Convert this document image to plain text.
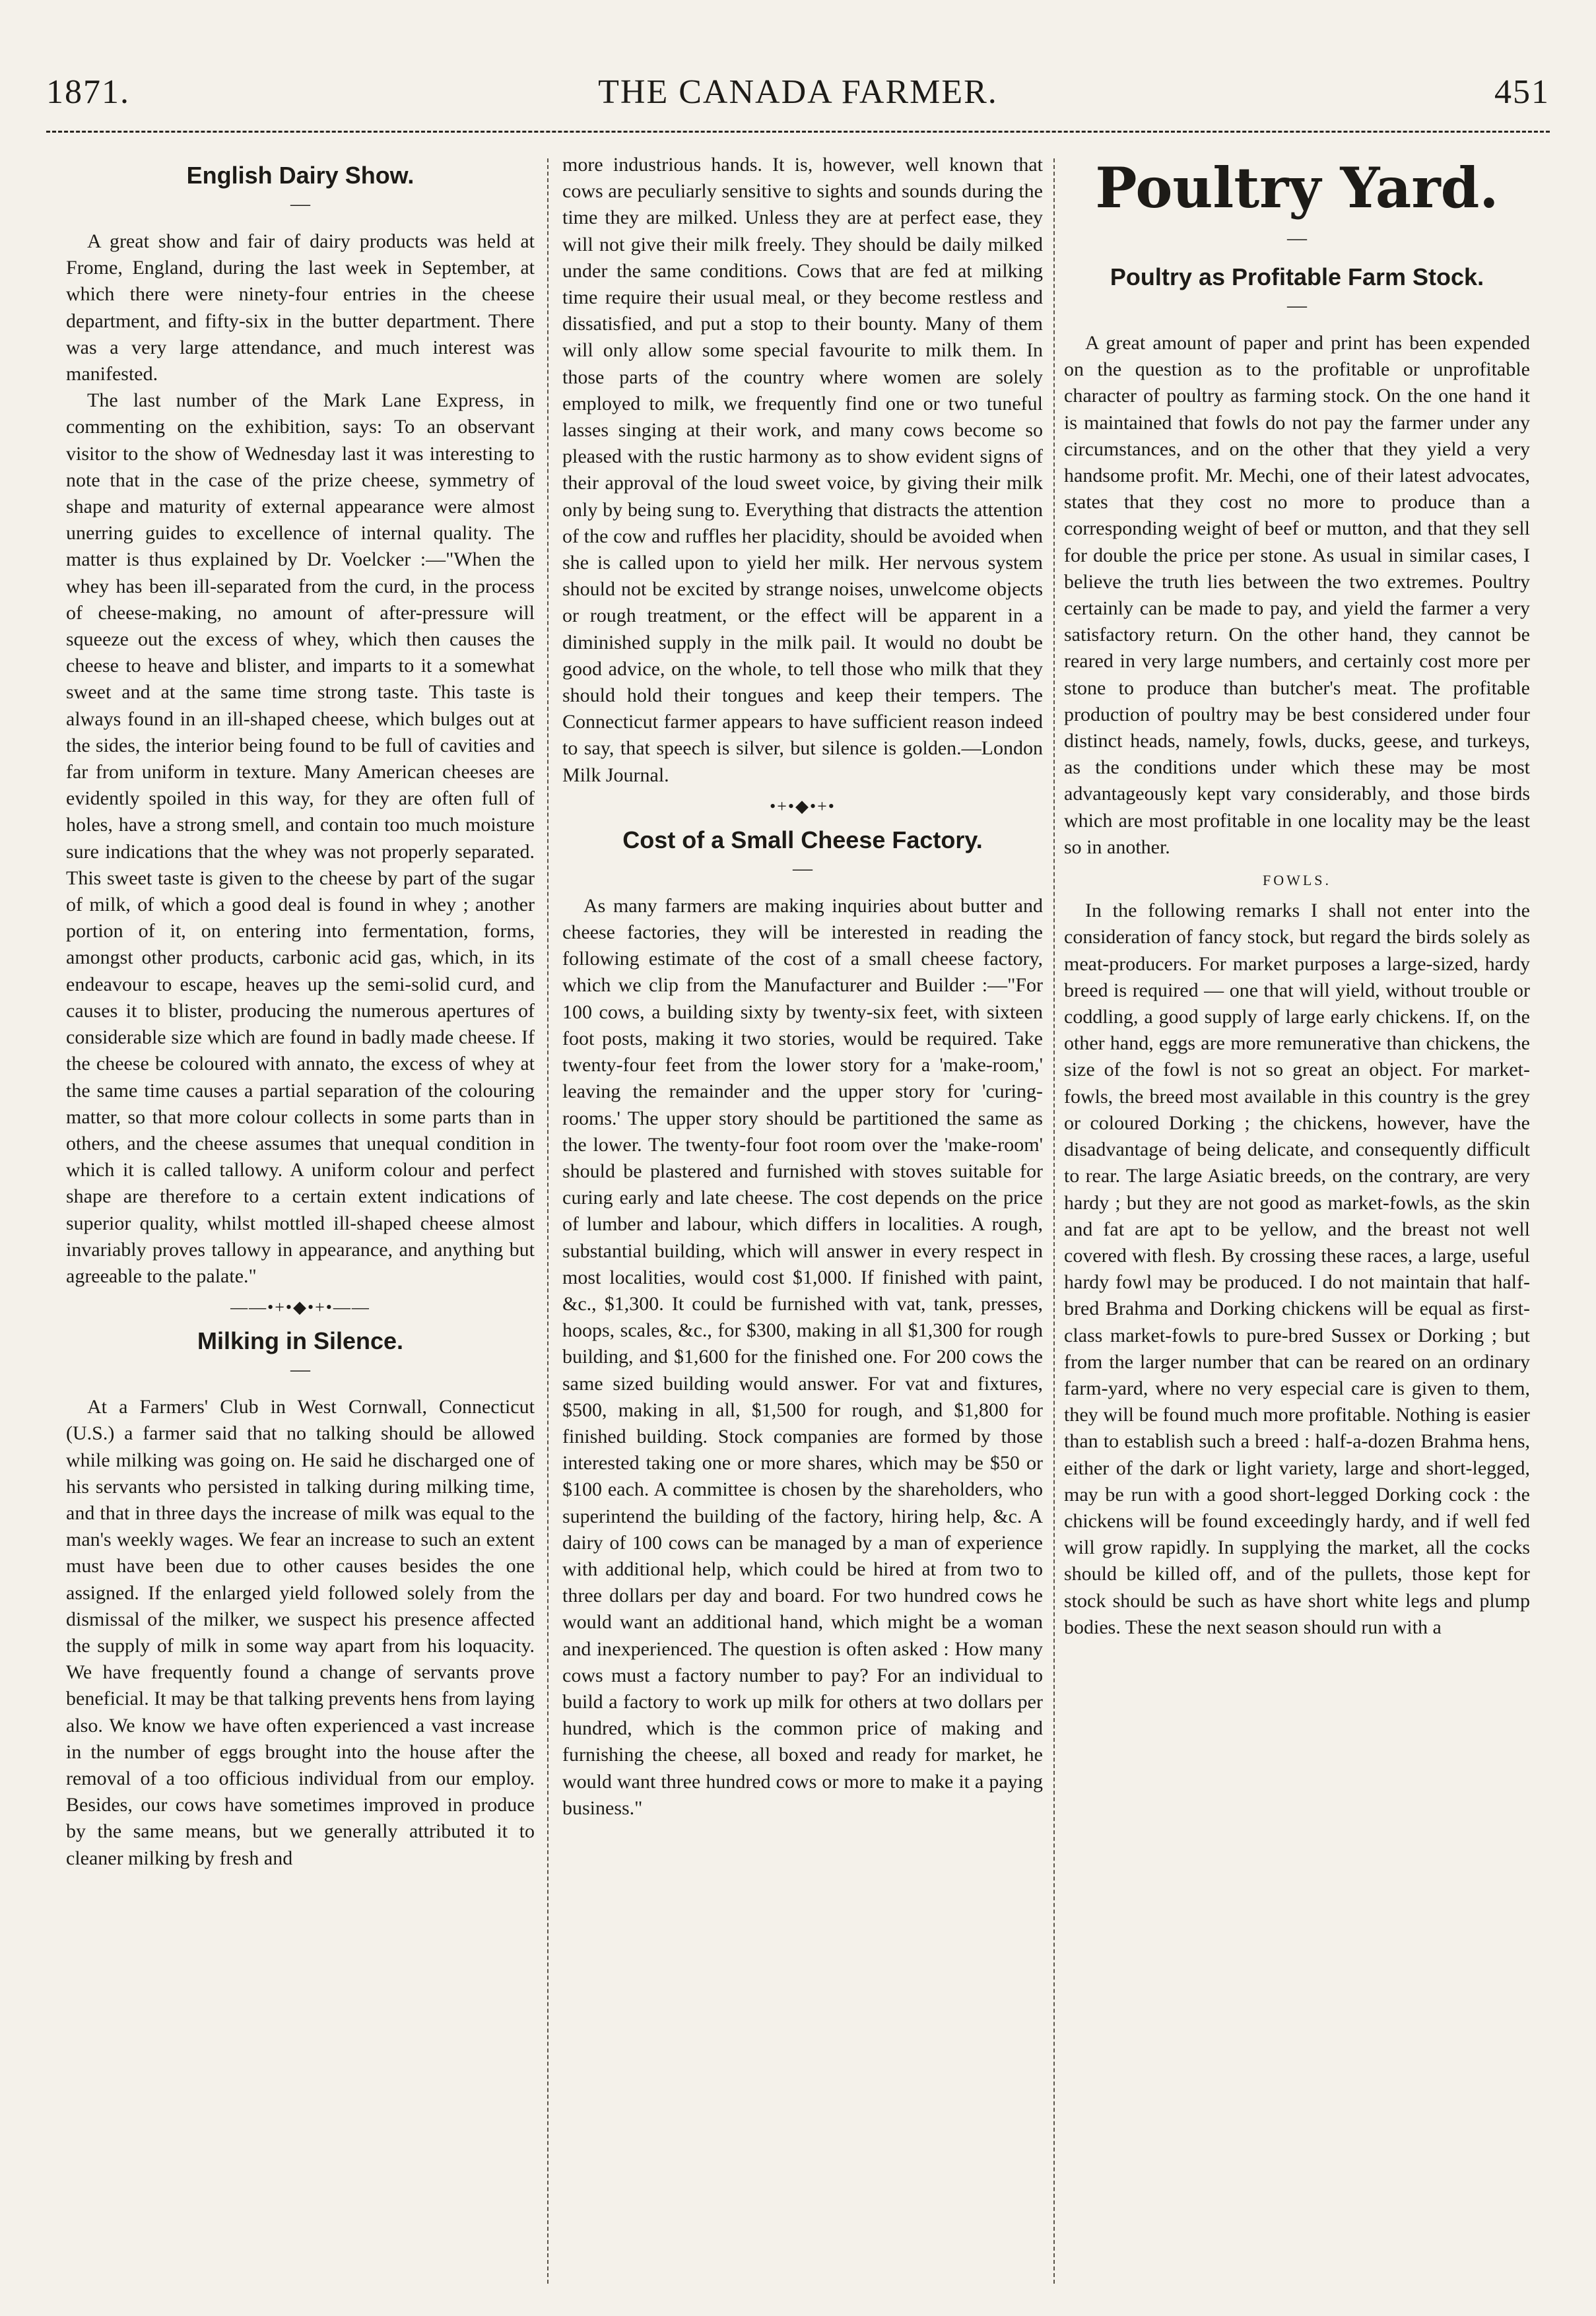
1871.	THE CANADA FARMER.	451
English Dairy Show.
—

A great show and fair of dairy products was held at Frome, England, during the last week in September, at which there were ninety-four entries in the cheese department, and fifty-six in the butter department. There was a very large attendance, and much interest was manifested.

The last number of the Mark Lane Express, in commenting on the exhibition, says: To an observant visitor to the show of Wednesday last it was interesting to note that in the case of the prize cheese, symmetry of shape and maturity of external appearance were almost unerring guides to excellence of internal quality. The matter is thus explained by Dr. Voelcker :—"When the whey has been ill-separated from the curd, in the process of cheese-making, no amount of after-pressure will squeeze out the excess of whey, which then causes the cheese to heave and blister, and imparts to it a somewhat sweet and at the same time strong taste. This taste is always found in an ill-shaped cheese, which bulges out at the sides, the interior being found to be full of cavities and far from uniform in texture. Many American cheeses are evidently spoiled in this way, for they are often full of holes, have a strong smell, and contain too much moisture sure indications that the whey was not properly separated. This sweet taste is given to the cheese by part of the sugar of milk, of which a good deal is found in whey ; another portion of it, on entering into fermentation, forms, amongst other products, carbonic acid gas, which, in its endeavour to escape, heaves up the semi-solid curd, and causes it to blister, producing the numerous apertures of considerable size which are found in badly made cheese. If the cheese be coloured with annato, the excess of whey at the same time causes a partial separation of the colouring matter, so that more colour collects in some parts than in others, and the cheese assumes that unequal condition in which it is called tallowy. A uniform colour and perfect shape are therefore to a certain extent indications of superior quality, whilst mottled ill-shaped cheese almost invariably proves tallowy in appearance, and anything but agreeable to the palate."

——•+•◆•+•——
Milking in Silence.
—

At a Farmers' Club in West Cornwall, Connecticut (U.S.) a farmer said that no talking should be allowed while milking was going on. He said he discharged one of his servants who persisted in talking during milking time, and that in three days the increase of milk was equal to the man's weekly wages. We fear an increase to such an extent must have been due to other causes besides the one assigned. If the enlarged yield followed solely from the dismissal of the milker, we suspect his presence affected the supply of milk in some way apart from his loquacity. We have frequently found a change of servants prove beneficial. It may be that talking prevents hens from laying also. We know we have often experienced a vast increase in the number of eggs brought into the house after the removal of a too officious individual from our employ. Besides, our cows have sometimes improved in produce by the same means, but we generally attributed it to cleaner milking by fresh and

more industrious hands. It is, however, well known that cows are peculiarly sensitive to sights and sounds during the time they are milked. Unless they are at perfect ease, they will not give their milk freely. They should be daily milked under the same conditions. Cows that are fed at milking time require their usual meal, or they become restless and dissatisfied, and put a stop to their bounty. Many of them will only allow some special favourite to milk them. In those parts of the country where women are solely employed to milk, we frequently find one or two tuneful lasses singing at their work, and many cows become so pleased with the rustic harmony as to show evident signs of their approval of the loud sweet voice, by giving their milk only by being sung to. Everything that distracts the attention of the cow and ruffles her placidity, should be avoided when she is called upon to yield her milk. Her nervous system should not be excited by strange noises, unwelcome objects or rough treatment, or the effect will be apparent in a diminished supply in the milk pail. It would no doubt be good advice, on the whole, to tell those who milk that they should hold their tongues and keep their tempers. The Connecticut farmer appears to have sufficient reason indeed to say, that speech is silver, but silence is golden.—London Milk Journal.

•+•◆•+•
Cost of a Small Cheese Factory.
—

As many farmers are making inquiries about butter and cheese factories, they will be interested in reading the following estimate of the cost of a small cheese factory, which we clip from the Manufacturer and Builder :—"For 100 cows, a building sixty by twenty-six feet, with sixteen foot posts, making it two stories, would be required. Take twenty-four feet from the lower story for a 'make-room,' leaving the remainder and the upper story for 'curing-rooms.' The upper story should be partitioned the same as the lower. The twenty-four foot room over the 'make-room' should be plastered and furnished with stoves suitable for curing early and late cheese. The cost depends on the price of lumber and labour, which differs in localities. A rough, substantial building, which will answer in every respect in most localities, would cost $1,000. If finished with paint, &c., $1,300. It could be furnished with vat, tank, presses, hoops, scales, &c., for $300, making in all $1,300 for rough building, and $1,600 for the finished one. For 200 cows the same sized building would answer. For vat and fixtures, $500, making in all, $1,500 for rough, and $1,800 for finished building. Stock companies are formed by those interested taking one or more shares, which may be $50 or $100 each. A committee is chosen by the shareholders, who superintend the building of the factory, hiring help, &c. A dairy of 100 cows can be managed by a man of experience with additional help, which could be hired at from two to three dollars per day and board. For two hundred cows he would want an additional hand, which might be a woman and inexperienced. The question is often asked : How many cows must a factory number to pay? For an individual to build a factory to work up milk for others at two dollars per hundred, which is the common price of making and furnishing the cheese, all boxed and ready for market, he would want three hundred cows or more to make it a paying business."

Poultry Yard.
—
Poultry as Profitable Farm Stock.
—

A great amount of paper and print has been expended on the question as to the profitable or unprofitable character of poultry as farming stock. On the one hand it is maintained that fowls do not pay the farmer under any circumstances, and on the other that they yield a very handsome profit. Mr. Mechi, one of their latest advocates, states that they cost no more to produce than a corresponding weight of beef or mutton, and that they sell for double the price per stone. As usual in similar cases, I believe the truth lies between the two extremes. Poultry certainly can be made to pay, and yield the farmer a very satisfactory return. On the other hand, they cannot be reared in very large numbers, and certainly cost more per stone to produce than butcher's meat. The profitable production of poultry may be best considered under four distinct heads, namely, fowls, ducks, geese, and turkeys, as the conditions under which these may be most advantageously kept vary considerably, and those birds which are most profitable in one locality may be the least so in another.

FOWLS.

In the following remarks I shall not enter into the consideration of fancy stock, but regard the birds solely as meat-producers. For market purposes a large-sized, hardy breed is required — one that will yield, without trouble or coddling, a good supply of large early chickens. If, on the other hand, eggs are more remunerative than chickens, the size of the fowl is not so great an object. For market-fowls, the breed most available in this country is the grey or coloured Dorking ; the chickens, however, have the disadvantage of being delicate, and consequently difficult to rear. The large Asiatic breeds, on the contrary, are very hardy ; but they are not good as market-fowls, as the skin and fat are apt to be yellow, and the breast not well covered with flesh. By crossing these races, a large, useful hardy fowl may be produced. I do not maintain that half-bred Brahma and Dorking chickens will be equal as first-class market-fowls to pure-bred Sussex or Dorking ; but from the larger number that can be reared on an ordinary farm-yard, where no very especial care is given to them, they will be found much more profitable. Nothing is easier than to establish such a breed : half-a-dozen Brahma hens, either of the dark or light variety, large and short-legged, may be run with a good short-legged Dorking cock : the chickens will be found exceedingly hardy, and if well fed will grow rapidly. In supplying the market, all the cocks should be killed off, and of the pullets, those kept for stock should be such as have short white legs and plump bodies. These the next season should run with a
